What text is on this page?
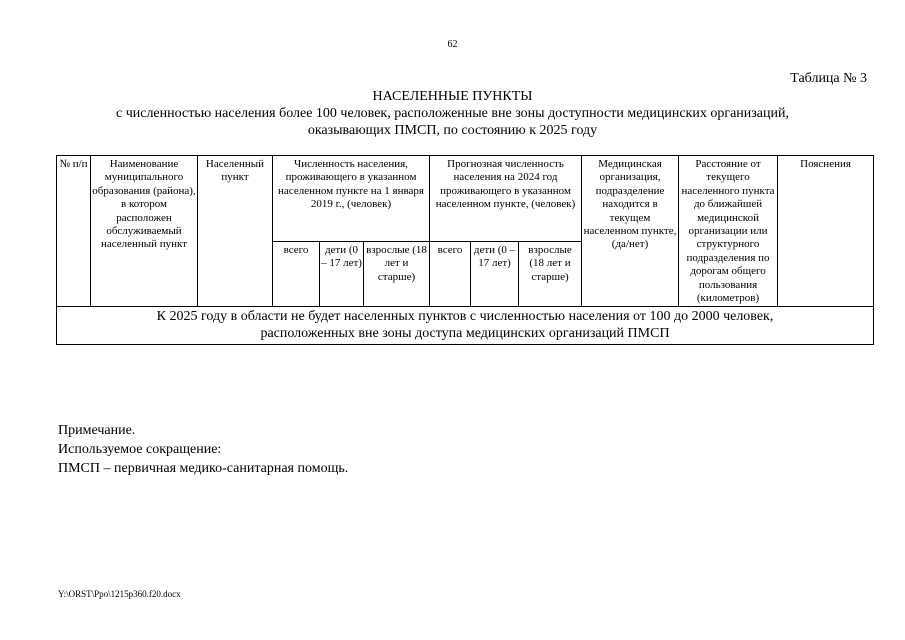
62
Таблица № 3
НАСЕЛЕННЫЕ ПУНКТЫ
с численностью населения более 100 человек, расположенные вне зоны доступности медицинских организаций,
оказывающих ПМСП, по состоянию к 2025 году
№ п/п	Наименование муниципального образования (района), в котором расположен обслуживаемый населенный пункт	Населенный пункт	Численность населения, проживающего в указанном населенном пункте на 1 января 2019 г., (человек)			Прогнозная численность населения на 2024 год проживающего в указанном населенном пункте, (человек)			Медицинская организация, подразделение находится в текущем населенном пункте, (да/нет)	Расстояние от текущего населенного пункта до ближайшей медицинской организации или структурного подразделения по дорогам общего пользования (километров)	Пояснения
			всего	дети (0 – 17 лет)	взрослые (18 лет и старше)	всего	дети (0 – 17 лет)	взрослые (18 лет и старше)			

К 2025 году в области не будет населенных пунктов с численностью населения от 100 до 2000 человек,
расположенных вне зоны доступа медицинских организаций ПМСП											
Примечание.
Используемое сокращение:
ПМСП – первичная медико-санитарная помощь.
Y:\ORST\Ppo\1215p360.f20.docx
